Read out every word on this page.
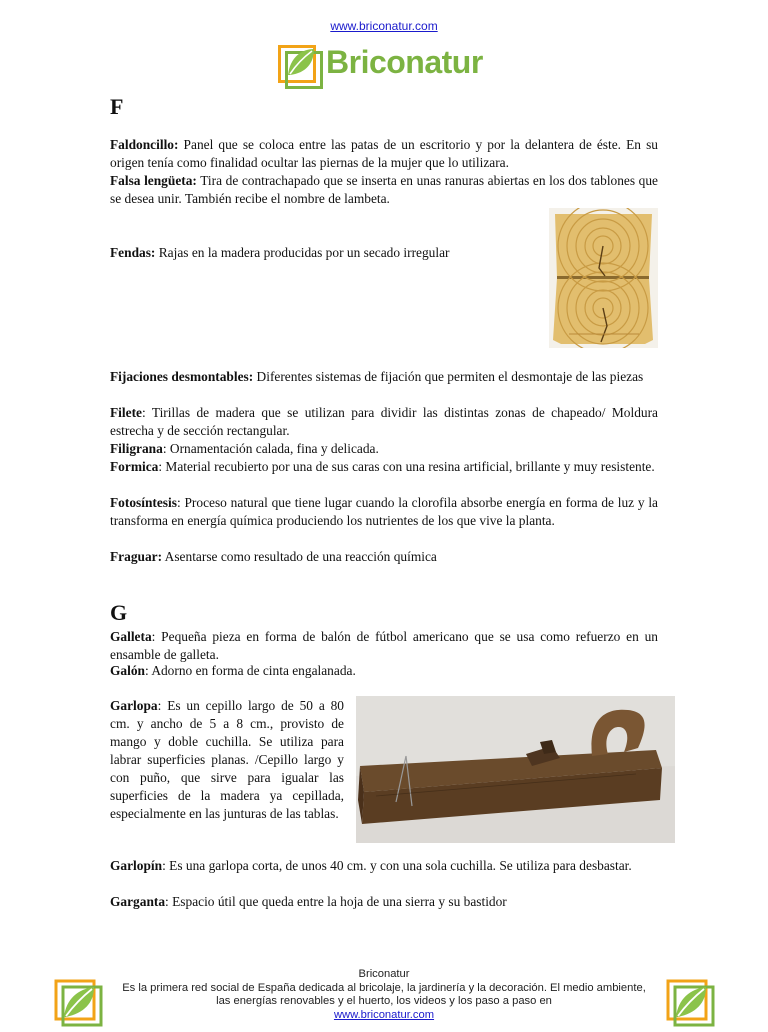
www.briconatur.com
Briconatur
F

Faldoncillo: Panel que se coloca entre las patas de un escritorio y por la delantera de éste. En su origen tenía como finalidad ocultar las piernas de la mujer que lo utilizara.

Falsa lengüeta: Tira de contrachapado que se inserta en unas ranuras abiertas en los dos tablones que se desea unir. También recibe el nombre de lambeta.

Fendas: Rajas en la madera producidas por un secado irregular

Fijaciones desmontables: Diferentes sistemas de fijación que permiten el desmontaje de las piezas

Filete: Tirillas de madera que se utilizan para dividir las distintas zonas de chapeado/ Moldura estrecha y de sección rectangular.

Filigrana: Ornamentación calada, fina y delicada.

Formica: Material recubierto por una de sus caras con una resina artificial, brillante y muy resistente.

Fotosíntesis: Proceso natural que tiene lugar cuando la clorofila absorbe energía en forma de luz y la transforma en energía química produciendo los nutrientes de los que vive la planta.

Fraguar: Asentarse como resultado de una reacción química

G

Galleta: Pequeña pieza en forma de balón de fútbol americano que se usa como refuerzo en un ensamble de galleta.

Galón: Adorno en forma de cinta engalanada.

Garlopa: Es un cepillo largo de 50 a 80 cm. y ancho de 5 a 8 cm., provisto de mango y doble cuchilla. Se utiliza para labrar superficies planas. /Cepillo largo y con puño, que sirve para igualar las superficies de la madera ya cepillada, especialmente en las junturas de las tablas.

Garlopín: Es una garlopa corta, de unos 40 cm. y con una sola cuchilla. Se utiliza para desbastar.

Garganta: Espacio útil que queda entre la hoja de una sierra y su bastidor

Briconatur
Es la primera red social de España dedicada al bricolaje, la jardinería y la decoración. El medio ambiente,
las energías renovables y el huerto, los videos y los paso a paso en
www.briconatur.com
